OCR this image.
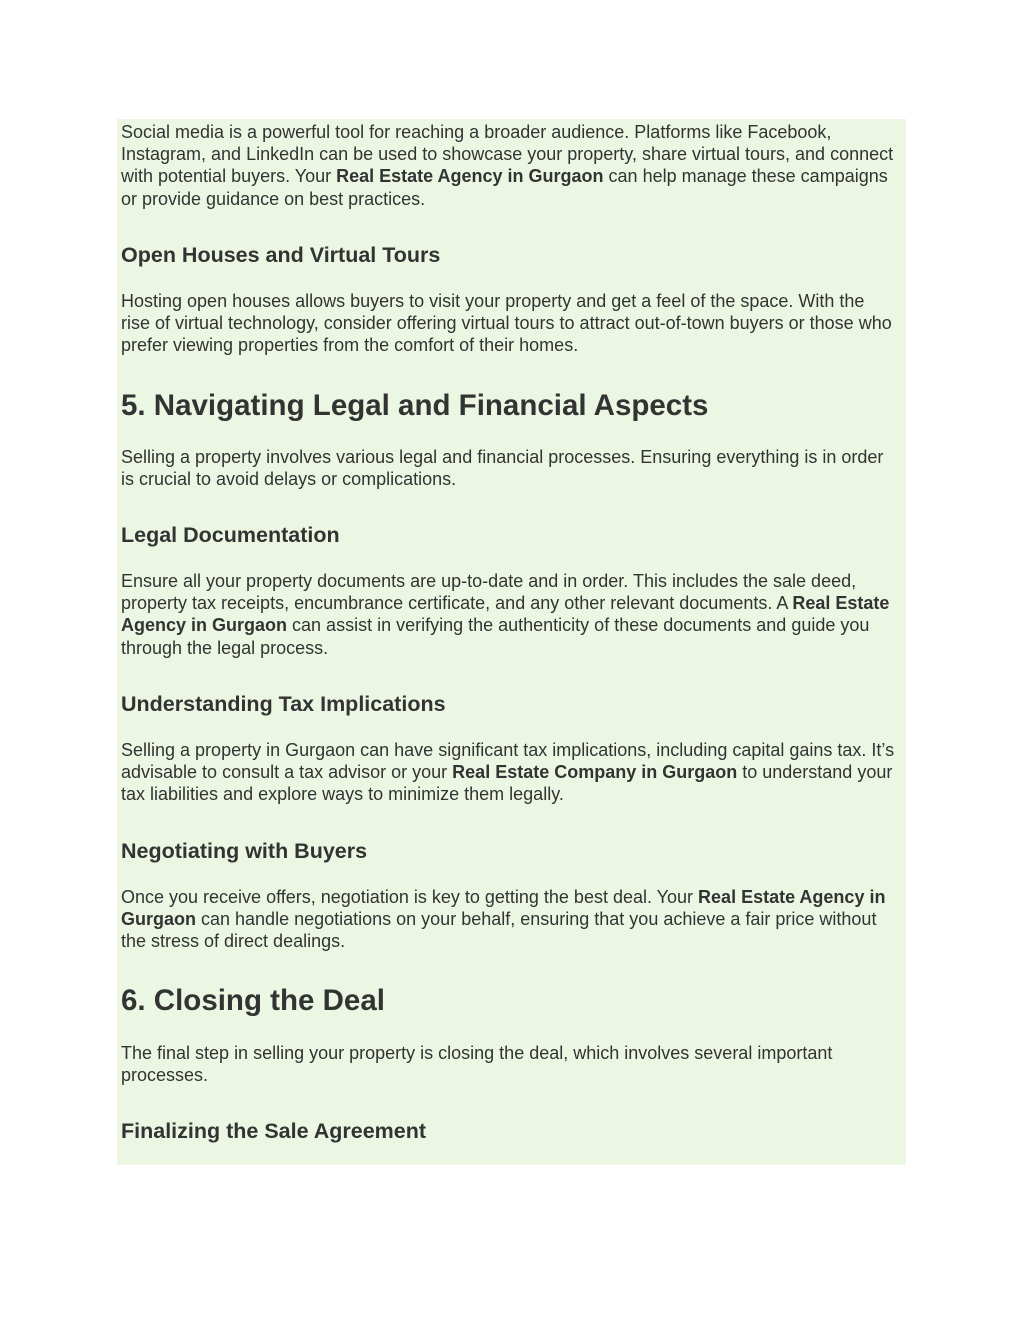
Social media is a powerful tool for reaching a broader audience. Platforms like Facebook, Instagram, and LinkedIn can be used to showcase your property, share virtual tours, and connect with potential buyers. Your Real Estate Agency in Gurgaon can help manage these campaigns or provide guidance on best practices.

Open Houses and Virtual Tours

Hosting open houses allows buyers to visit your property and get a feel of the space. With the rise of virtual technology, consider offering virtual tours to attract out-of-town buyers or those who prefer viewing properties from the comfort of their homes.

5. Navigating Legal and Financial Aspects

Selling a property involves various legal and financial processes. Ensuring everything is in order is crucial to avoid delays or complications.

Legal Documentation

Ensure all your property documents are up-to-date and in order. This includes the sale deed, property tax receipts, encumbrance certificate, and any other relevant documents. A Real Estate Agency in Gurgaon can assist in verifying the authenticity of these documents and guide you through the legal process.

Understanding Tax Implications

Selling a property in Gurgaon can have significant tax implications, including capital gains tax. It’s advisable to consult a tax advisor or your Real Estate Company in Gurgaon to understand your tax liabilities and explore ways to minimize them legally.

Negotiating with Buyers

Once you receive offers, negotiation is key to getting the best deal. Your Real Estate Agency in Gurgaon can handle negotiations on your behalf, ensuring that you achieve a fair price without the stress of direct dealings.

6. Closing the Deal

The final step in selling your property is closing the deal, which involves several important processes.

Finalizing the Sale Agreement
